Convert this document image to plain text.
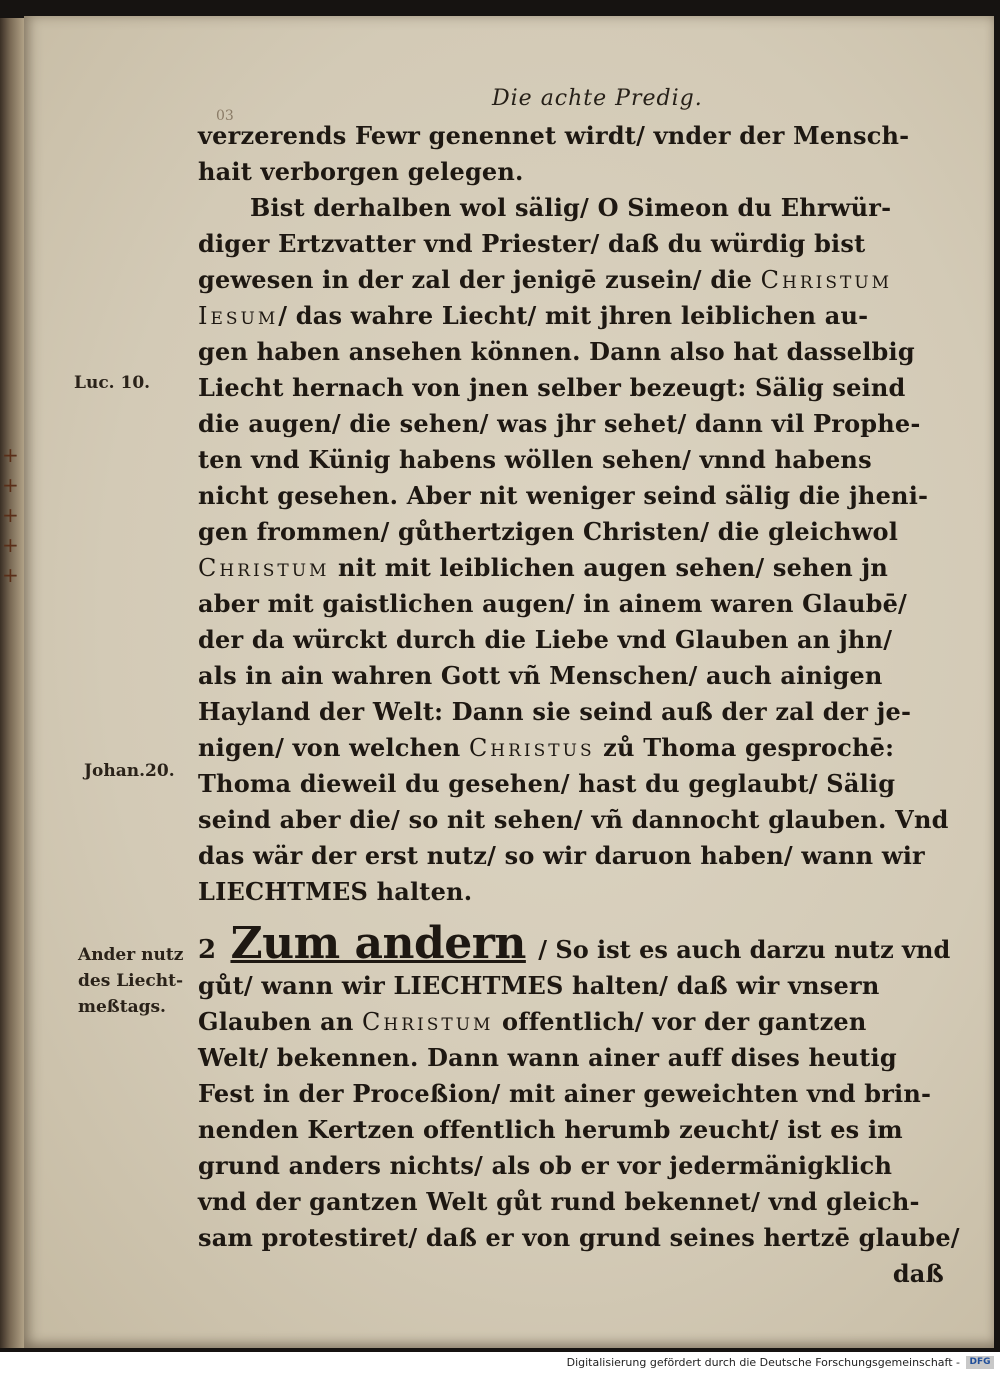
+
+
+
+
+
03
Die achte Predig.
Luc. 10.
Johan.20.
Ander nutz
des Liecht-
meßtags.
verzerends Fewr genennet wirdt/ vnder der Mensch-
hait verborgen gelegen.
Bist derhalben wol sälig/ O Simeon du Ehrwür-
diger Ertzvatter vnd Priester/ daß du würdig bist
gewesen in der zal der jenigē zusein/ die Christum
Iesum/ das wahre Liecht/ mit jhren leiblichen au-
gen haben ansehen können. Dann also hat dasselbig
Liecht hernach von jnen selber bezeugt: Sälig seind
die augen/ die sehen/ was jhr sehet/ dann vil Prophe-
ten vnd Künig habens wöllen sehen/ vnnd habens
nicht gesehen. Aber nit weniger seind sälig die jheni-
gen frommen/ gůthertzigen Christen/ die gleichwol
Christum nit mit leiblichen augen sehen/ sehen jn
aber mit gaistlichen augen/ in ainem waren Glaubē/
der da würckt durch die Liebe vnd Glauben an jhn/
als in ain wahren Gott vñ Menschen/ auch ainigen
Hayland der Welt: Dann sie seind auß der zal der je-
nigen/ von welchen Christus zů Thoma gesprochē:
Thoma dieweil du gesehen/ hast du geglaubt/ Sälig
seind aber die/ so nit sehen/ vñ dannocht glauben. Vnd
das wär der erst nutz/ so wir daruon haben/ wann wir
LIECHTMES halten.
2 Zum andern / So ist es auch darzu nutz vnd
gůt/ wann wir LIECHTMES halten/ daß wir vnsern
Glauben an Christum offentlich/ vor der gantzen
Welt/ bekennen. Dann wann ainer auff dises heutig
Fest in der Proceßion/ mit ainer geweichten vnd brin-
nenden Kertzen offentlich herumb zeucht/ ist es im
grund anders nichts/ als ob er vor jedermänigklich
vnd der gantzen Welt gůt rund bekennet/ vnd gleich-
sam protestiret/ daß er von grund seines hertzē glaube/
daß
Digitalisierung gefördert durch die Deutsche Forschungsgemeinschaft -	DFG
